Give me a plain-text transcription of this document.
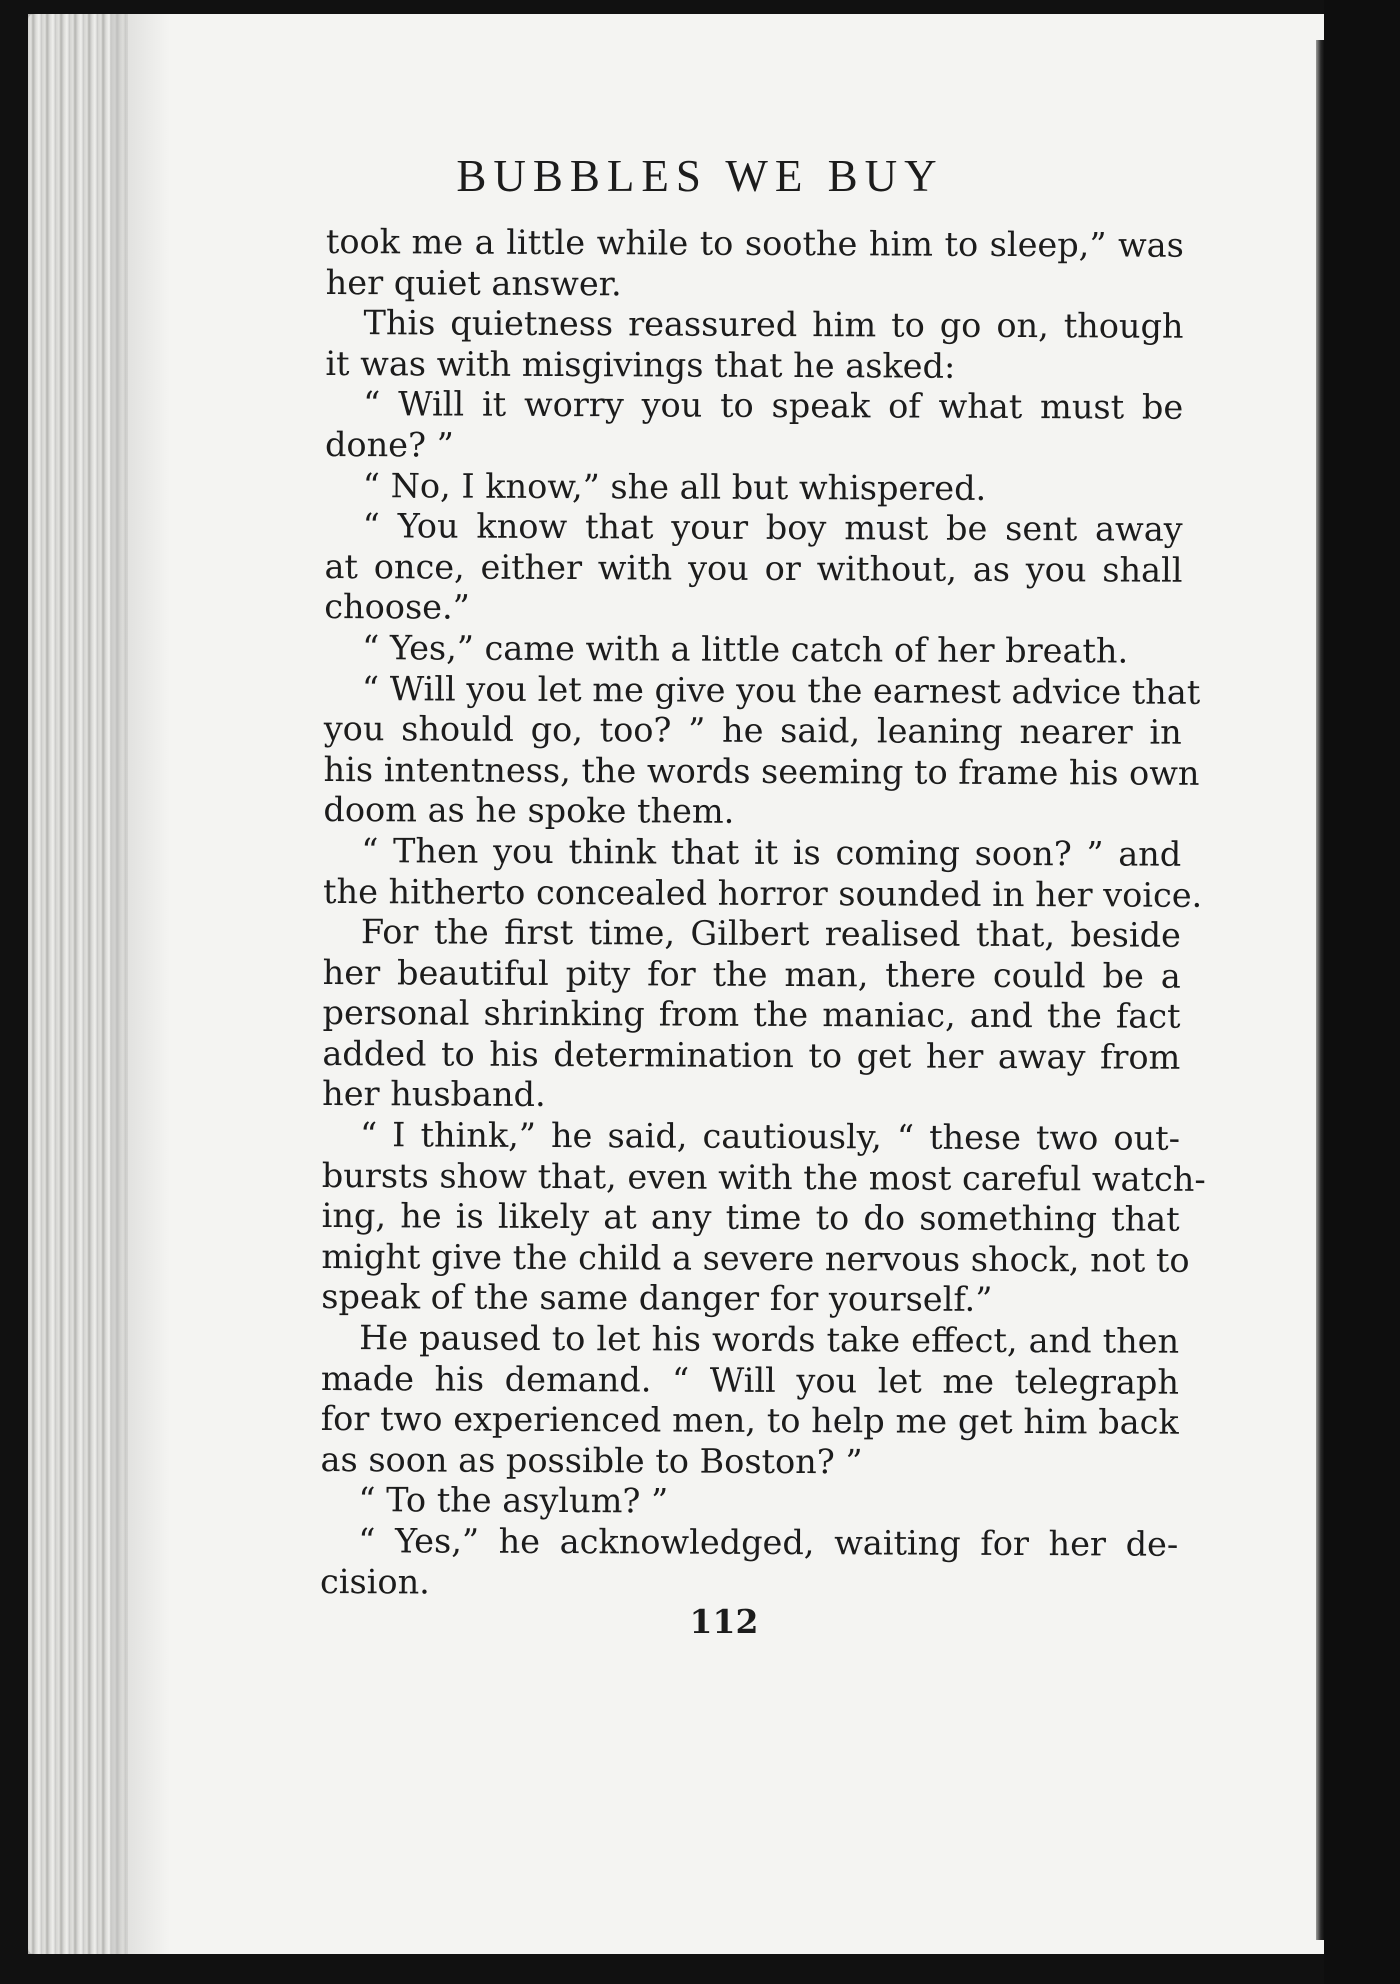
BUBBLES WE BUY
took me a little while to soothe him to sleep,” was
her quiet answer.
This quietness reassured him to go on, though
it was with misgivings that he asked:
“ Will it worry you to speak of what must be
done? ”
“ No, I know,” she all but whispered.
“ You know that your boy must be sent away
at once, either with you or without, as you shall
choose.”
“ Yes,” came with a little catch of her breath.
“ Will you let me give you the earnest advice that
you should go, too? ” he said, leaning nearer in
his intentness, the words seeming to frame his own
doom as he spoke them.
“ Then you think that it is coming soon? ” and
the hitherto concealed horror sounded in her voice.
For the first time, Gilbert realised that, beside
her beautiful pity for the man, there could be a
personal shrinking from the maniac, and the fact
added to his determination to get her away from
her husband.
“ I think,” he said, cautiously, “ these two out-
bursts show that, even with the most careful watch-
ing, he is likely at any time to do something that
might give the child a severe nervous shock, not to
speak of the same danger for yourself.”
He paused to let his words take effect, and then
made his demand. “ Will you let me telegraph
for two experienced men, to help me get him back
as soon as possible to Boston? ”
“ To the asylum? ”
“ Yes,” he acknowledged, waiting for her de-
cision.
112
